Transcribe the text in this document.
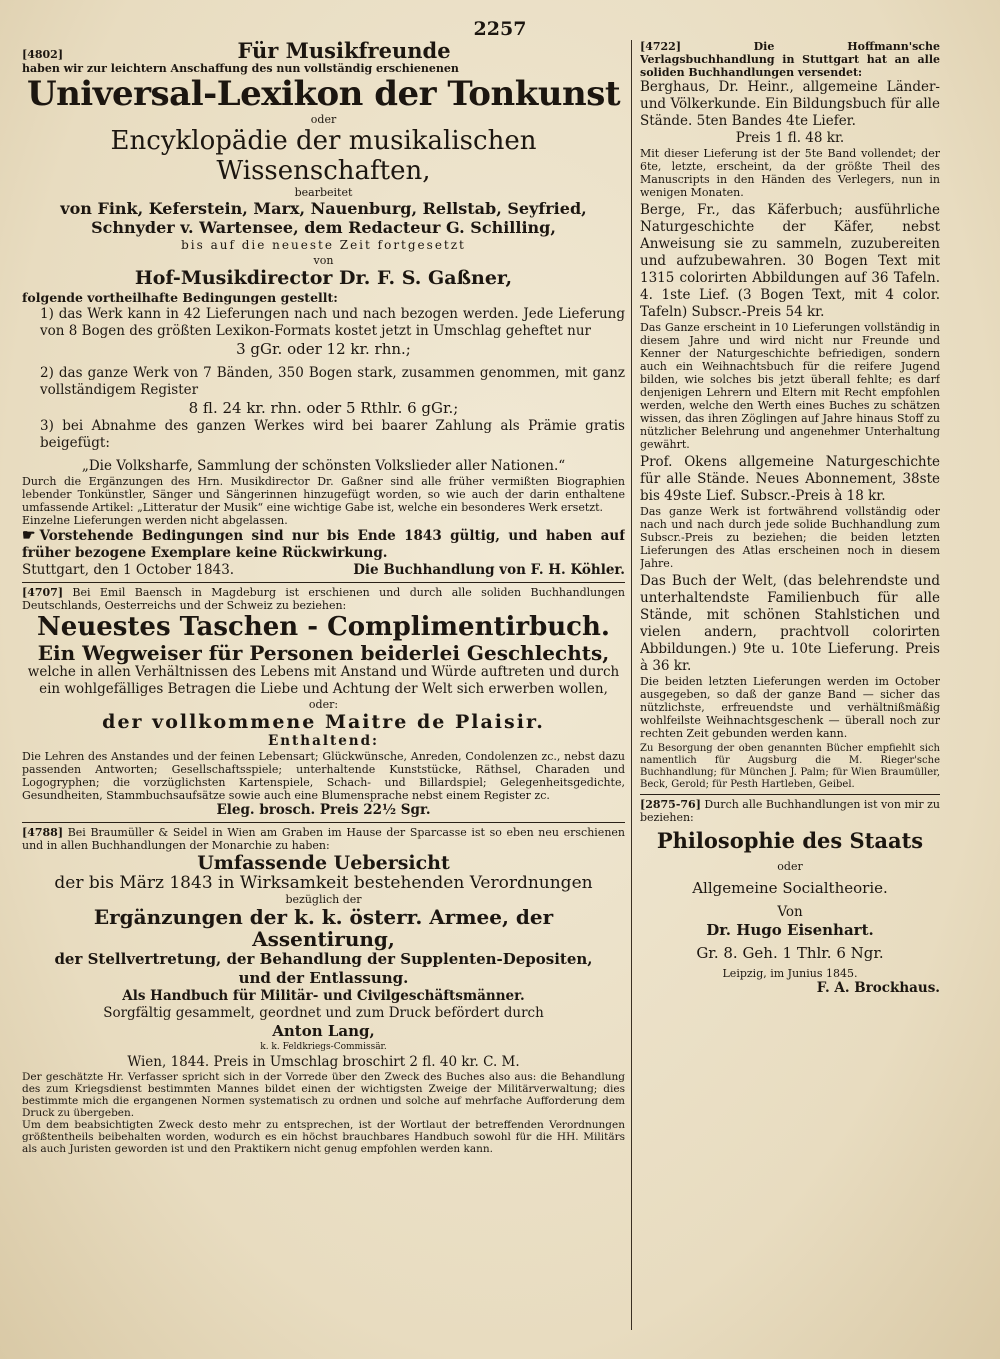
2257
[4802]	Für Musikfreunde
haben wir zur leichtern Anschaffung des nun vollständig erschienenen
Universal-Lexikon der Tonkunst
oder
Encyklopädie der musikalischen Wissenschaften,
bearbeitet
von Fink, Keferstein, Marx, Nauenburg, Rellstab, Seyfried,
Schnyder v. Wartensee, dem Redacteur G. Schilling,
bis auf die neueste Zeit fortgesetzt
von
Hof-Musikdirector Dr. F. S. Gaßner,
folgende vortheilhafte Bedingungen gestellt:
1) das Werk kann in 42 Lieferungen nach und nach bezogen werden. Jede Lieferung von 8 Bogen des größten Lexikon-Formats kostet jetzt in Umschlag geheftet nur
3 gGr. oder 12 kr. rhn.;
2) das ganze Werk von 7 Bänden, 350 Bogen stark, zusammen genommen, mit ganz vollständigem Register
8 fl. 24 kr. rhn. oder 5 Rthlr. 6 gGr.;
3) bei Abnahme des ganzen Werkes wird bei baarer Zahlung als Prämie gratis beigefügt:
„Die Volksharfe, Sammlung der schönsten Volkslieder aller Nationen.“
Durch die Ergänzungen des Hrn. Musikdirector Dr. Gaßner sind alle früher vermißten Biographien lebender Tonkünstler, Sänger und Sängerinnen hinzugefügt worden, so wie auch der darin enthaltene umfassende Artikel: „Litteratur der Musik“ eine wichtige Gabe ist, welche ein besonderes Werk ersetzt.
Einzelne Lieferungen werden nicht abgelassen.
☛ Vorstehende Bedingungen sind nur bis Ende 1843 gültig, und haben auf früher bezogene Exemplare keine Rückwirkung.
Stuttgart, den 1 October 1843.	Die Buchhandlung von F. H. Köhler.
[4707] Bei Emil Baensch in Magdeburg ist erschienen und durch alle soliden Buchhandlungen Deutschlands, Oesterreichs und der Schweiz zu beziehen:
Neuestes Taschen - Complimentirbuch.
Ein Wegweiser für Personen beiderlei Geschlechts,
welche in allen Verhältnissen des Lebens mit Anstand und Würde auftreten und durch ein wohlgefälliges Betragen die Liebe und Achtung der Welt sich erwerben wollen,
oder:
der vollkommene Maitre de Plaisir.
Enthaltend:
Die Lehren des Anstandes und der feinen Lebensart; Glückwünsche, Anreden, Condolenzen zc., nebst dazu passenden Antworten; Gesellschaftsspiele; unterhaltende Kunststücke, Räthsel, Charaden und Logogryphen; die vorzüglichsten Kartenspiele, Schach- und Billardspiel; Gelegenheitsgedichte, Gesundheiten, Stammbuchsaufsätze sowie auch eine Blumensprache nebst einem Register zc.
Eleg. brosch. Preis 22½ Sgr.
[4788] Bei Braumüller & Seidel in Wien am Graben im Hause der Sparcasse ist so eben neu erschienen und in allen Buchhandlungen der Monarchie zu haben:
Umfassende Uebersicht
der bis März 1843 in Wirksamkeit bestehenden Verordnungen
bezüglich der
Ergänzungen der k. k. österr. Armee, der Assentirung,
der Stellvertretung, der Behandlung der Supplenten-Depositen,
und der Entlassung.
Als Handbuch für Militär- und Civilgeschäftsmänner.
Sorgfältig gesammelt, geordnet und zum Druck befördert durch
Anton Lang,
k. k. Feldkriegs-Commissär.
Wien, 1844. Preis in Umschlag broschirt 2 fl. 40 kr. C. M.
Der geschätzte Hr. Verfasser spricht sich in der Vorrede über den Zweck des Buches also aus: die Behandlung des zum Kriegsdienst bestimmten Mannes bildet einen der wichtigsten Zweige der Militärverwaltung; dies bestimmte mich die ergangenen Normen systematisch zu ordnen und solche auf mehrfache Aufforderung dem Druck zu übergeben.
Um dem beabsichtigten Zweck desto mehr zu entsprechen, ist der Wortlaut der betreffenden Verordnungen größtentheils beibehalten worden, wodurch es ein höchst brauchbares Handbuch sowohl für die HH. Militärs als auch Juristen geworden ist und den Praktikern nicht genug empfohlen werden kann.
[4722]	Die Hoffmann'sche Verlagsbuchhandlung in Stuttgart hat an alle soliden Buchhandlungen versendet:
Berghaus, Dr. Heinr., allgemeine Länder- und Völkerkunde. Ein Bildungsbuch für alle Stände. 5ten Bandes 4te Liefer.
Preis 1 fl. 48 kr.
Mit dieser Lieferung ist der 5te Band vollendet; der 6te, letzte, erscheint, da der größte Theil des Manuscripts in den Händen des Verlegers, nun in wenigen Monaten.
Berge, Fr., das Käferbuch; ausführliche Naturgeschichte der Käfer, nebst Anweisung sie zu sammeln, zuzubereiten und aufzubewahren. 30 Bogen Text mit 1315 colorirten Abbildungen auf 36 Tafeln. 4. 1ste Lief. (3 Bogen Text, mit 4 color. Tafeln) Subscr.-Preis 54 kr.
Das Ganze erscheint in 10 Lieferungen vollständig in diesem Jahre und wird nicht nur Freunde und Kenner der Naturgeschichte befriedigen, sondern auch ein Weihnachtsbuch für die reifere Jugend bilden, wie solches bis jetzt überall fehlte; es darf denjenigen Lehrern und Eltern mit Recht empfohlen werden, welche den Werth eines Buches zu schätzen wissen, das ihren Zöglingen auf Jahre hinaus Stoff zu nützlicher Belehrung und angenehmer Unterhaltung gewährt.
Prof. Okens allgemeine Naturgeschichte für alle Stände. Neues Abonnement, 38ste bis 49ste Lief. Subscr.-Preis à 18 kr.
Das ganze Werk ist fortwährend vollständig oder nach und nach durch jede solide Buchhandlung zum Subscr.-Preis zu beziehen; die beiden letzten Lieferungen des Atlas erscheinen noch in diesem Jahre.
Das Buch der Welt, (das belehrendste und unterhaltendste Familienbuch für alle Stände, mit schönen Stahlstichen und vielen andern, prachtvoll colorirten Abbildungen.) 9te u. 10te Lieferung. Preis à 36 kr.
Die beiden letzten Lieferungen werden im October ausgegeben, so daß der ganze Band — sicher das nützlichste, erfreuendste und verhältnißmäßig wohlfeilste Weihnachtsgeschenk — überall noch zur rechten Zeit gebunden werden kann.
Zu Besorgung der oben genannten Bücher empfiehlt sich namentlich für Augsburg die M. Rieger'sche Buchhandlung; für München J. Palm; für Wien Braumüller, Beck, Gerold; für Pesth Hartleben, Geibel.
[2875-76] Durch alle Buchhandlungen ist von mir zu beziehen:
Philosophie des Staats
oder
Allgemeine Socialtheorie.
Von
Dr. Hugo Eisenhart.
Gr. 8. Geh. 1 Thlr. 6 Ngr.
Leipzig, im Junius 1845.
F. A. Brockhaus.
